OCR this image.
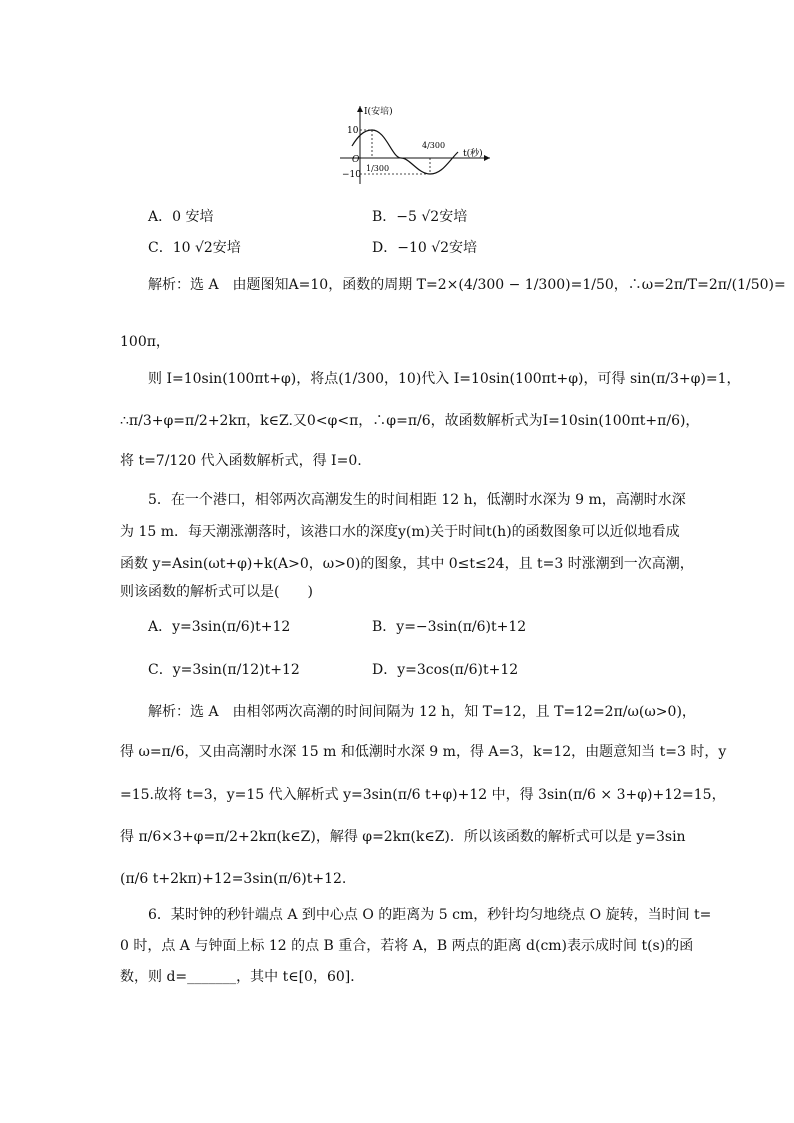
I(安培)
t(秒)
O
10
−10
1/300
4/300
A．0 安培	B．−5 √2安培
C．10 √2安培	D．−10 √2安培
解析：选 A　由题图知A=10，函数的周期 T=2×(4/300 − 1/300)=1/50，∴ω=2π/T=2π/(1/50)=
100π，
则 I=10sin(100πt+φ)，将点(1/300，10)代入 I=10sin(100πt+φ)，可得 sin(π/3+φ)=1，
∴π/3+φ=π/2+2kπ，k∈Z.又0<φ<π，∴φ=π/6，故函数解析式为I=10sin(100πt+π/6)，
将 t=7/120 代入函数解析式，得 I=0.
5．在一个港口，相邻两次高潮发生的时间相距 12 h，低潮时水深为 9 m，高潮时水深
为 15 m．每天潮涨潮落时，该港口水的深度y(m)关于时间t(h)的函数图象可以近似地看成
函数 y=Asin(ωt+φ)+k(A>0，ω>0)的图象，其中 0≤t≤24，且 t=3 时涨潮到一次高潮，
则该函数的解析式可以是(　　)
A．y=3sin(π/6)t+12	B．y=−3sin(π/6)t+12
C．y=3sin(π/12)t+12	D．y=3cos(π/6)t+12
解析：选 A　由相邻两次高潮的时间间隔为 12 h，知 T=12，且 T=12=2π/ω(ω>0)，
得 ω=π/6，又由高潮时水深 15 m 和低潮时水深 9 m，得 A=3，k=12，由题意知当 t=3 时，y
=15.故将 t=3，y=15 代入解析式 y=3sin(π/6 t+φ)+12 中，得 3sin(π/6 × 3+φ)+12=15，
得 π/6×3+φ=π/2+2kπ(k∈Z)，解得 φ=2kπ(k∈Z)．所以该函数的解析式可以是 y=3sin
(π/6 t+2kπ)+12=3sin(π/6)t+12.
6．某时钟的秒针端点 A 到中心点 O 的距离为 5 cm，秒针均匀地绕点 O 旋转，当时间 t=
0 时，点 A 与钟面上标 12 的点 B 重合，若将 A，B 两点的距离 d(cm)表示成时间 t(s)的函
数，则 d=_______，其中 t∈[0，60]．
